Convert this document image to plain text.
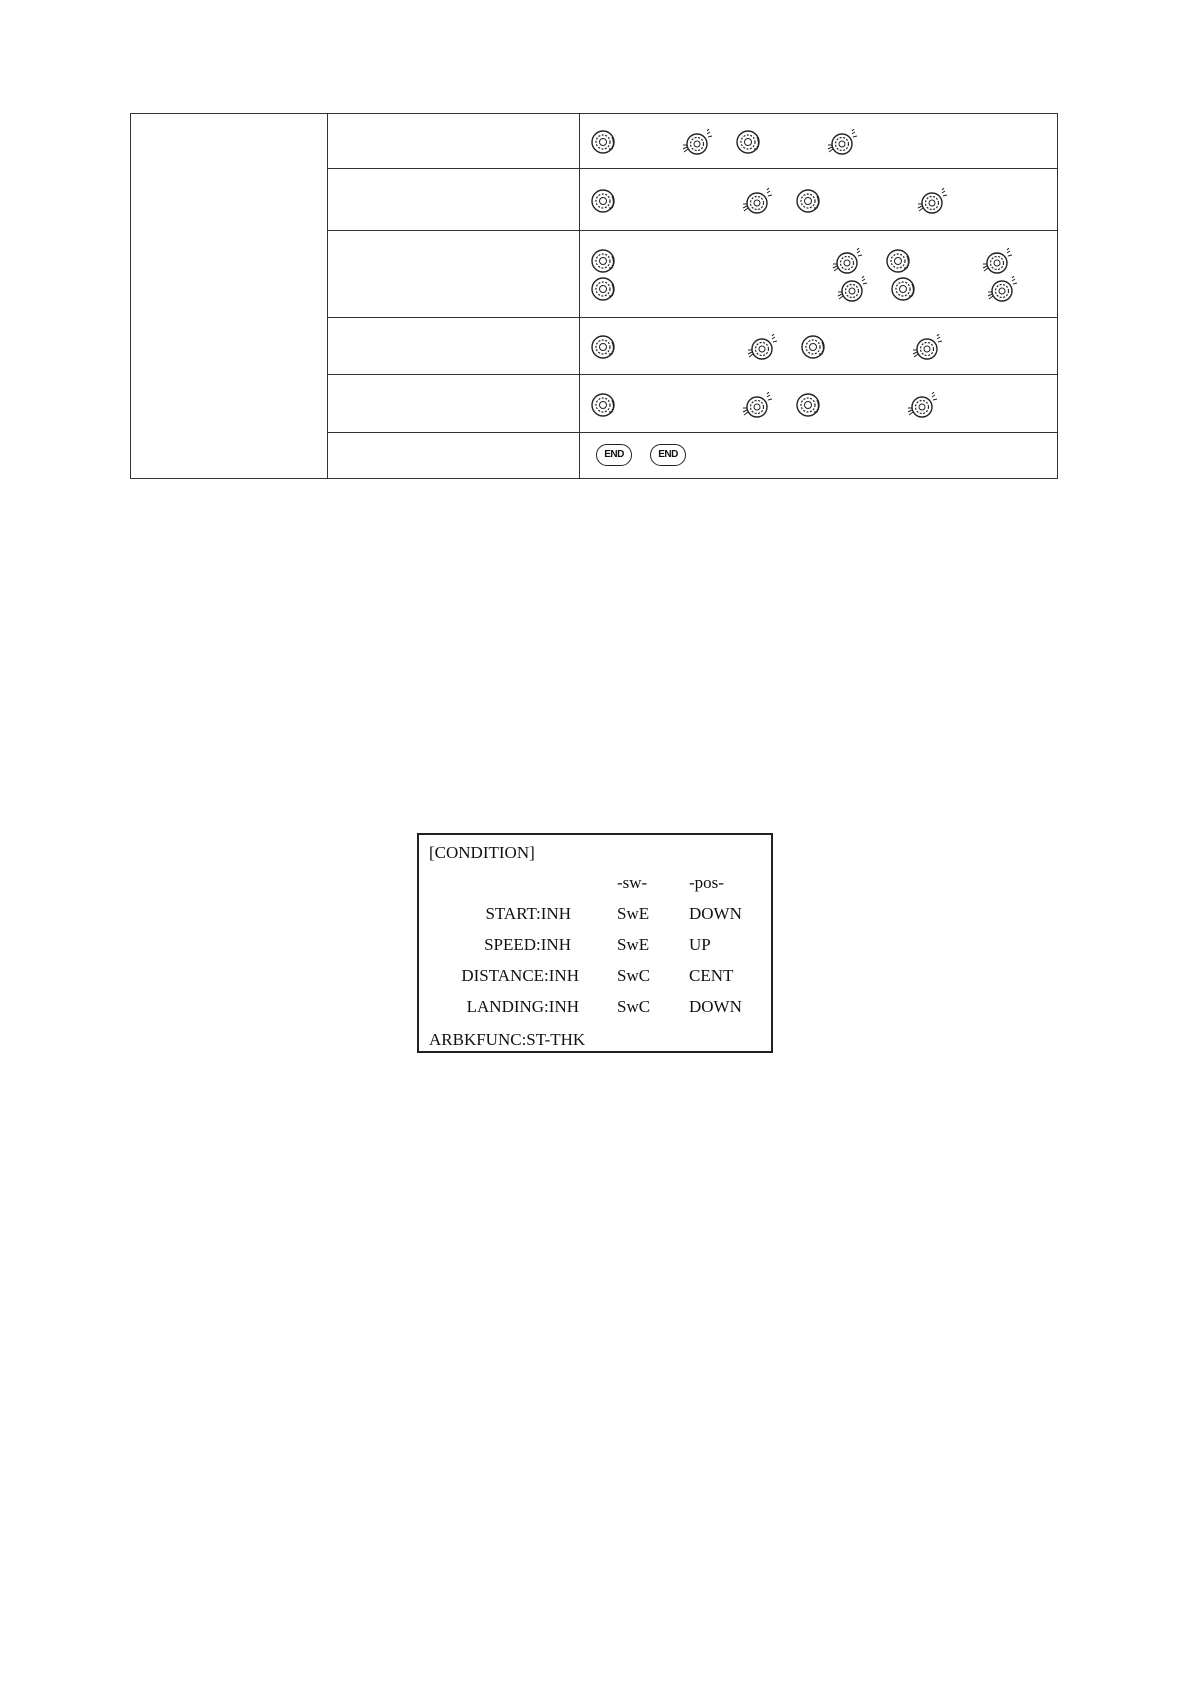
		END END
[CONDITION]
-sw- -pos-
START:INH	SwE DOWN
SPEED:INH	SwE UP
DISTANCE:INH SwC CENT
LANDING:INH SwC DOWN
ARBKFUNC:ST-THK
